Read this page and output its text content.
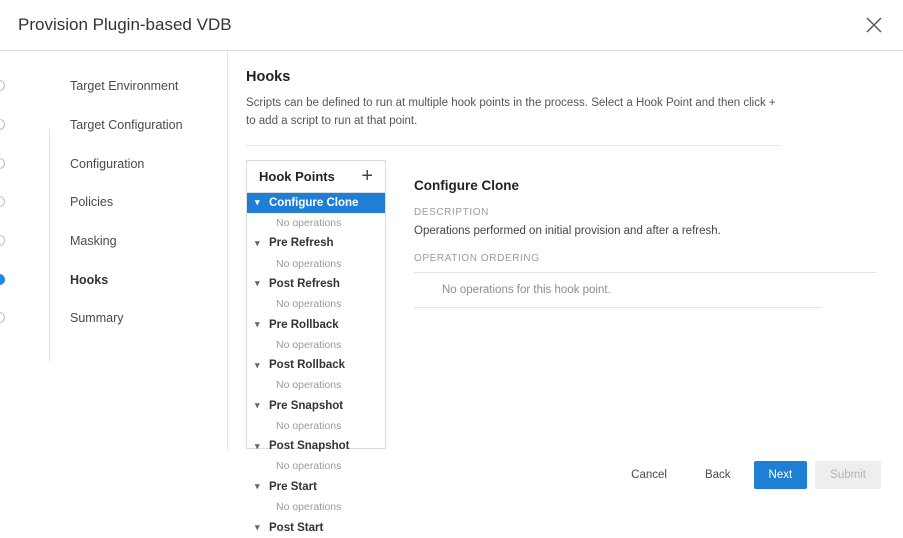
Provision Plugin-based VDB
Target Environment
Target Configuration
Configuration
Policies
Masking
Hooks
Summary
Hooks

Scripts can be defined to run at multiple hook points in the process. Select a Hook Point and then click + to add a script to run at that point.

Hook Points +
▾ Configure Clone
No operations
▾ Pre Refresh
No operations
▾ Post Refresh
No operations
▾ Pre Rollback
No operations
▾ Post Rollback
No operations
▾ Pre Snapshot
No operations
▾ Post Snapshot
No operations
▾ Pre Start
No operations
▾ Post Start
Configure Clone
DESCRIPTION
Operations performed on initial provision and after a refresh.
OPERATION ORDERING
No operations for this hook point.
Cancel	Back	Next	Submit
